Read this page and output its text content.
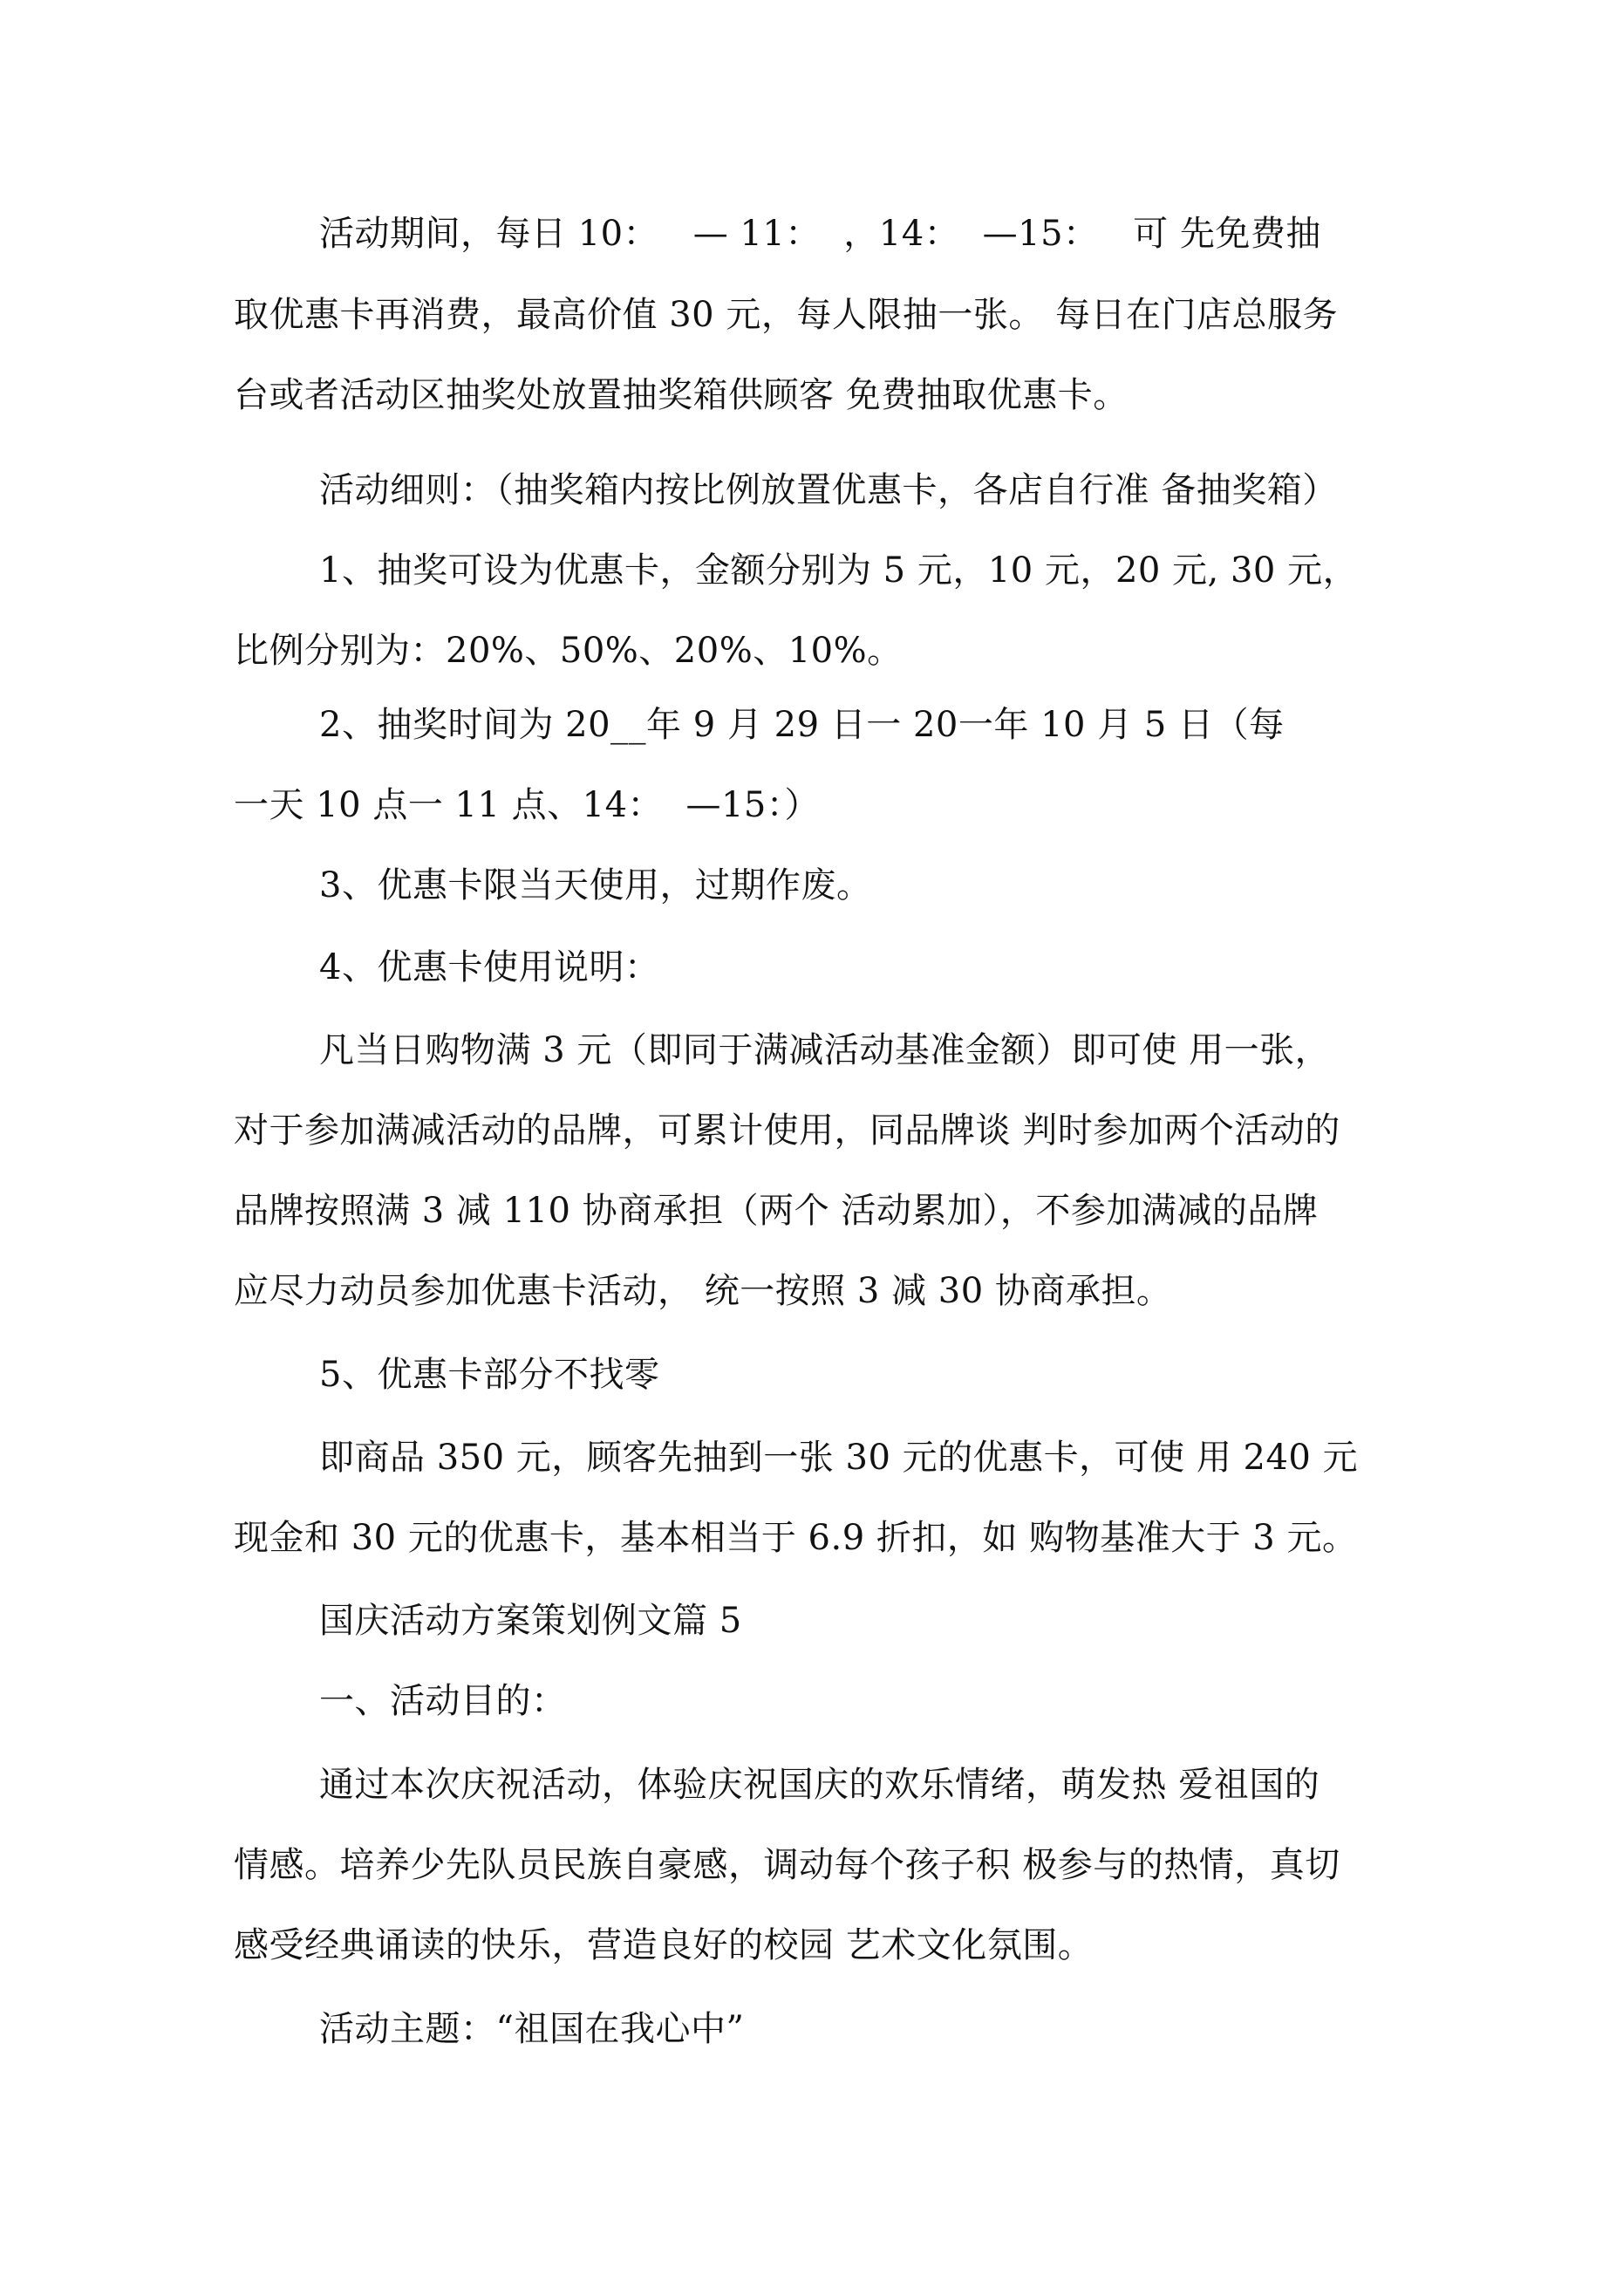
活动期间，每日 10：   — 11：  ，14：  —15：   可 先免费抽
取优惠卡再消费，最高价值 30 元，每人限抽一张。 每日在门店总服务
台或者活动区抽奖处放置抽奖箱供顾客 免费抽取优惠卡。
活动细则：（抽奖箱内按比例放置优惠卡，各店自行准 备抽奖箱）
1、抽奖可设为优惠卡，金额分别为 5 元，10 元，20 元, 30 元，
比例分别为：20%、50%、20%、10%。
2、抽奖时间为 20__年 9 月 29 日一 20一年 10 月 5 日（每
一天 10 点一 11 点、14：  —15：）
3、优惠卡限当天使用，过期作废。
4、优惠卡使用说明：
凡当日购物满 3 元（即同于满减活动基准金额）即可使 用一张，
对于参加满减活动的品牌，可累计使用，同品牌谈 判时参加两个活动的
品牌按照满 3 减 110 协商承担（两个 活动累加），不参加满减的品牌
应尽力动员参加优惠卡活动， 统一按照 3 减 30 协商承担。
5、优惠卡部分不找零
即商品 350 元，顾客先抽到一张 30 元的优惠卡，可使 用 240 元
现金和 30 元的优惠卡，基本相当于 6.9 折扣，如 购物基准大于 3 元。
国庆活动方案策划例文篇 5
一、活动目的：
通过本次庆祝活动，体验庆祝国庆的欢乐情绪，萌发热 爱祖国的
情感。培养少先队员民族自豪感，调动每个孩子积 极参与的热情，真切
感受经典诵读的快乐，营造良好的校园 艺术文化氛围。
活动主题：“祖国在我心中”
